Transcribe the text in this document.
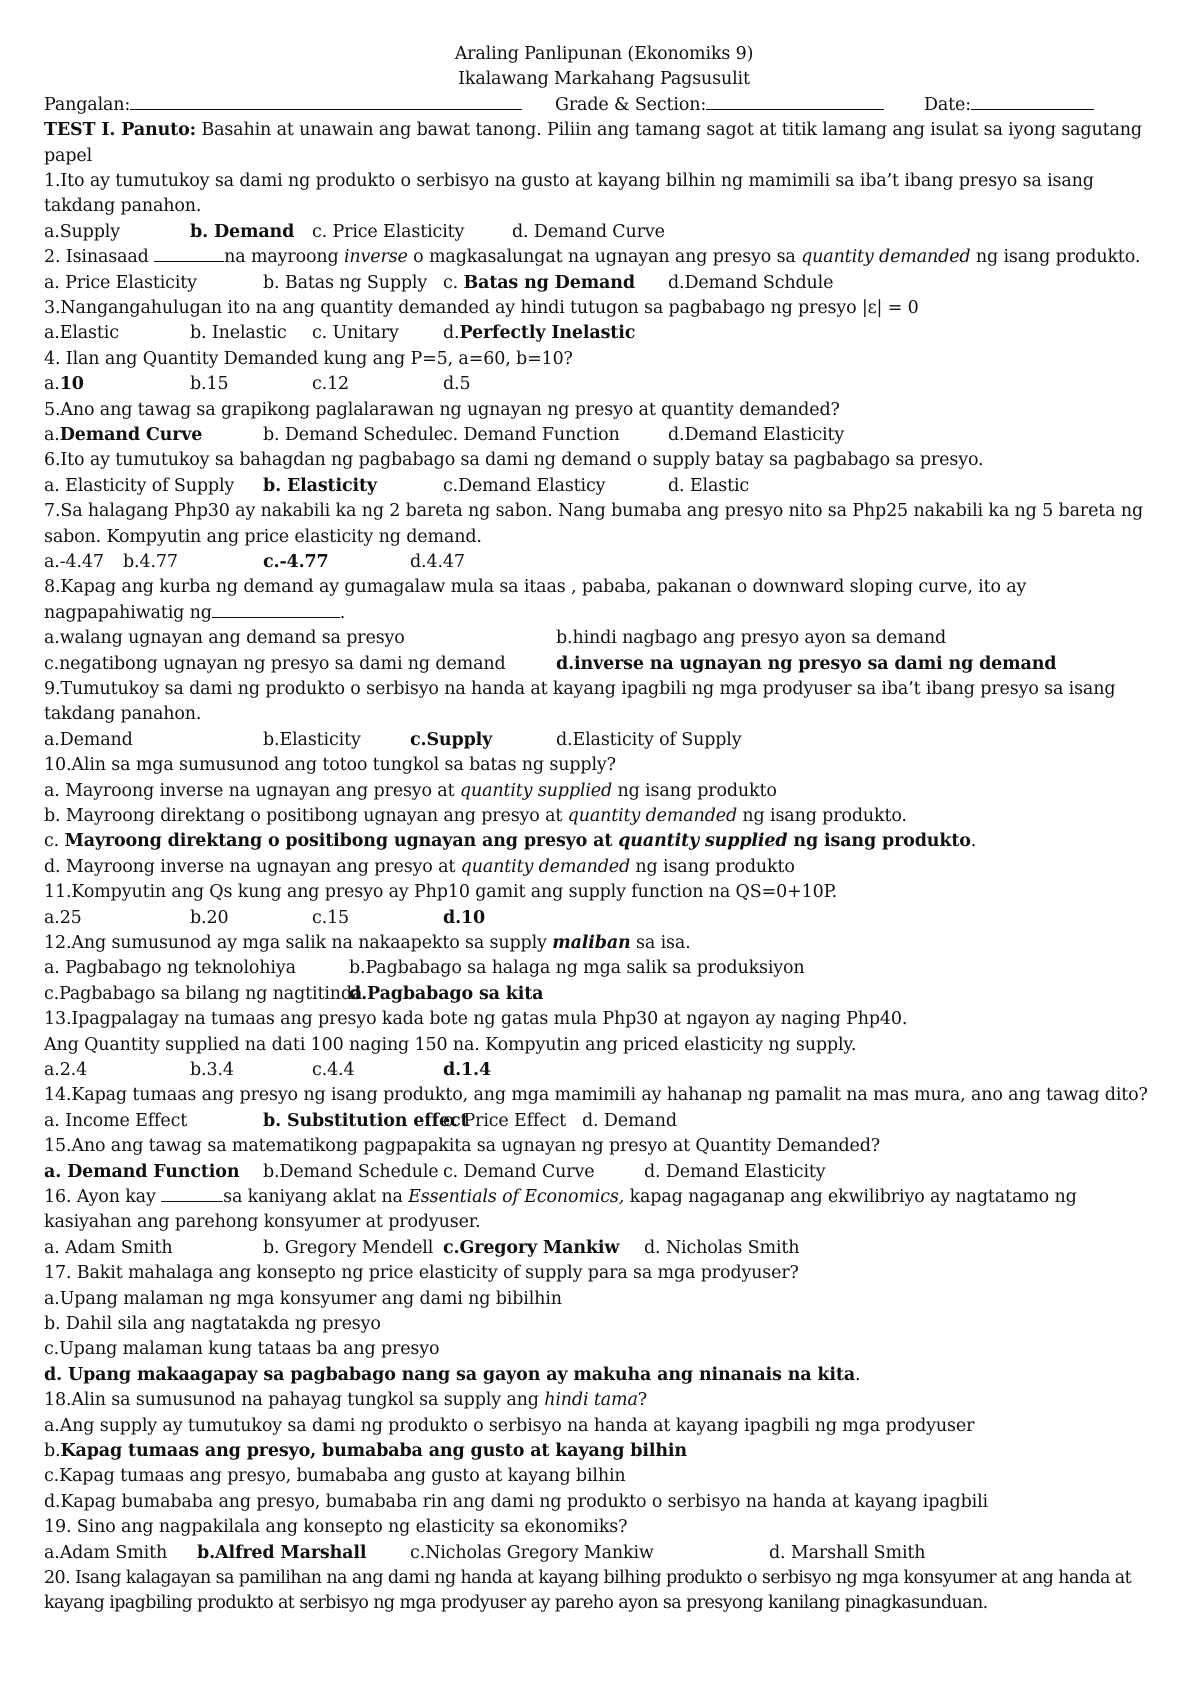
Araling Panlipunan (Ekonomiks 9)
Ikalawang Markahang Pagsusulit
Pangalan:	Grade & Section:	Date:
TEST I. Panuto: Basahin at unawain ang bawat tanong. Piliin ang tamang sagot at titik lamang ang isulat sa iyong sagutang papel
1.Ito ay tumutukoy sa dami ng produkto o serbisyo na gusto at kayang bilhin ng mamimili sa iba’t ibang presyo sa isang takdang panahon.
a.Supply	b. Demand c. Price Elasticity	d. Demand Curve
2. Isinasaad	na mayroong inverse o magkasalungat na ugnayan ang presyo sa quantity demanded ng isang produkto.
a. Price Elasticity	b. Batas ng Supply c. Batas ng Demand d.Demand Schdule
3.Nangangahulugan ito na ang quantity demanded ay hindi tutugon sa pagbabago ng presyo |ε| = 0
a.Elastic	b. Inelastic c. Unitary	d.Perfectly Inelastic
4. Ilan ang Quantity Demanded kung ang P=5, a=60, b=10?
a.10	b.15	c.12	d.5
5.Ano ang tawag sa grapikong paglalarawan ng ugnayan ng presyo at quantity demanded?
a.Demand Curve	b. Demand Schedule c. Demand Function	d.Demand Elasticity
6.Ito ay tumutukoy sa bahagdan ng pagbabago sa dami ng demand o supply batay sa pagbabago sa presyo.
a. Elasticity of Supply b. Elasticity	c.Demand Elasticy	d. Elastic
7.Sa halagang Php30 ay nakabili ka ng 2 bareta ng sabon. Nang bumaba ang presyo nito sa Php25 nakabili ka ng 5 bareta ng sabon. Kompyutin ang price elasticity ng demand.
a.-4.47 b.4.77	c.-4.77	d.4.47
8.Kapag ang kurba ng demand ay gumagalaw mula sa itaas , pababa, pakanan o downward sloping curve, ito ay
nagpapahiwatig ng	.
a.walang ugnayan ang demand sa presyo	b.hindi nagbago ang presyo ayon sa demand
c.negatibong ugnayan ng presyo sa dami ng demand	d.inverse na ugnayan ng presyo sa dami ng demand
9.Tumutukoy sa dami ng produkto o serbisyo na handa at kayang ipagbili ng mga prodyuser sa iba’t ibang presyo sa isang takdang panahon.
a.Demand	b.Elasticity	c.Supply	d.Elasticity of Supply
10.Alin sa mga sumusunod ang totoo tungkol sa batas ng supply?
a. Mayroong inverse na ugnayan ang presyo at quantity supplied ng isang produkto
b. Mayroong direktang o positibong ugnayan ang presyo at quantity demanded ng isang produkto.
c. Mayroong direktang o positibong ugnayan ang presyo at quantity supplied ng isang produkto.
d. Mayroong inverse na ugnayan ang presyo at quantity demanded ng isang produkto
11.Kompyutin ang Qs kung ang presyo ay Php10 gamit ang supply function na QS=0+10P.
a.25	b.20	c.15	d.10
12.Ang sumusunod ay mga salik na nakaapekto sa supply maliban sa isa.
a. Pagbabago ng teknolohiya	b.Pagbabago sa halaga ng mga salik sa produksiyon
c.Pagbabago sa bilang ng nagtitinda
d.Pagbabago sa kita
13.Ipagpalagay na tumaas ang presyo kada bote ng gatas mula Php30 at ngayon ay naging Php40.
Ang Quantity supplied na dati 100 naging 150 na. Kompyutin ang priced elasticity ng supply.
a.2.4	b.3.4	c.4.4	d.1.4
14.Kapag tumaas ang presyo ng isang produkto, ang mga mamimili ay hahanap ng pamalit na mas mura, ano ang tawag dito?
a. Income Effect	b. Substitution effect
c. Price Effect d. Demand
15.Ano ang tawag sa matematikong pagpapakita sa ugnayan ng presyo at Quantity Demanded?
a. Demand Function b.Demand Schedule c. Demand Curve	d. Demand Elasticity
16. Ayon kay	sa kaniyang aklat na Essentials of Economics, kapag nagaganap ang ekwilibriyo ay nagtatamo ng kasiyahan ang parehong konsyumer at prodyuser.
a. Adam Smith	b. Gregory Mendell c.Gregory Mankiw d. Nicholas Smith
17. Bakit mahalaga ang konsepto ng price elasticity of supply para sa mga prodyuser?
a.Upang malaman ng mga konsyumer ang dami ng bibilhin
b. Dahil sila ang nagtatakda ng presyo
c.Upang malaman kung tataas ba ang presyo
d. Upang makaagapay sa pagbabago nang sa gayon ay makuha ang ninanais na kita.
18.Alin sa sumusunod na pahayag tungkol sa supply ang hindi tama?
a.Ang supply ay tumutukoy sa dami ng produkto o serbisyo na handa at kayang ipagbili ng mga prodyuser
b.Kapag tumaas ang presyo, bumababa ang gusto at kayang bilhin
c.Kapag tumaas ang presyo, bumababa ang gusto at kayang bilhin
d.Kapag bumababa ang presyo, bumababa rin ang dami ng produkto o serbisyo na handa at kayang ipagbili
19. Sino ang nagpakilala ang konsepto ng elasticity sa ekonomiks?
a.Adam Smith b.Alfred Marshall c.Nicholas Gregory Mankiw	d. Marshall Smith
20. Isang kalagayan sa pamilihan na ang dami ng handa at kayang bilhing produkto o serbisyo ng mga konsyumer at ang handa at kayang ipagbiling produkto at serbisyo ng mga prodyuser ay pareho ayon sa presyong kanilang pinagkasunduan.
